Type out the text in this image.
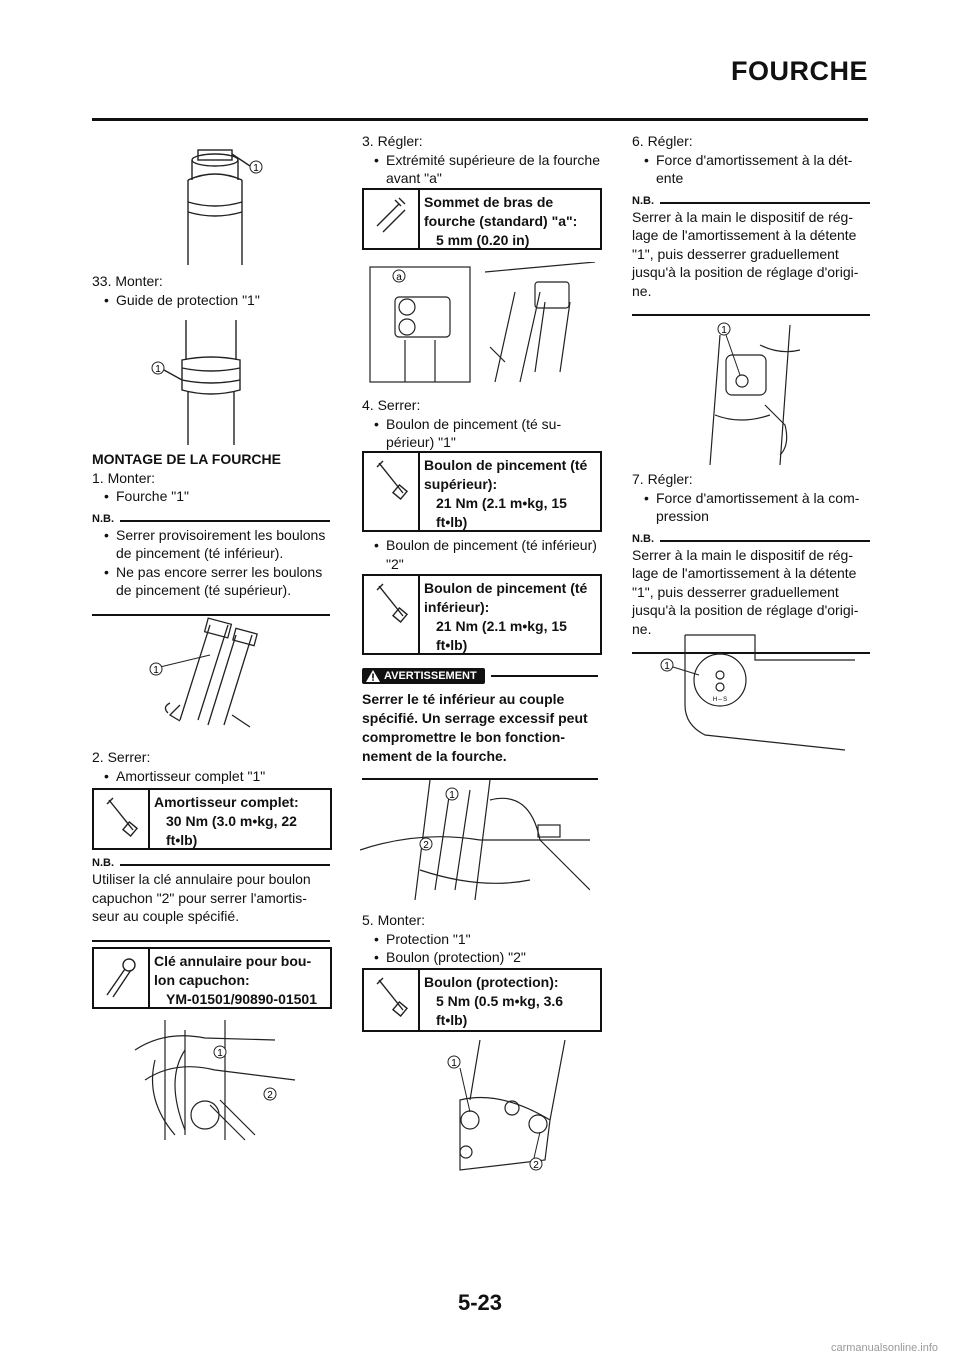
FOURCHE
1

33. Monter:

• Guide de protection "1"

1

MONTAGE DE LA FOURCHE

1. Monter:

• Fourche "1"

N.B.

• Serrer provisoirement les boulons de pincement (té inférieur).

• Ne pas encore serrer les boulons de pincement (té supérieur).

1

2. Serrer:

• Amortisseur complet "1"

Amortisseur complet:
30 Nm (3.0 m•kg, 22 ft•lb)
N.B.

Utiliser la clé annulaire pour boulon capuchon "2" pour serrer l'amortis-seur au couple spécifié.

Clé annulaire pour bou-lon capuchon:
YM-01501/90890-01501
1
2

3. Régler:

• Extrémité supérieure de la fourche avant "a"

Sommet de bras de fourche (standard) "a":
5 mm (0.20 in)
a

4. Serrer:

• Boulon de pincement (té su-périeur) "1"

Boulon de pincement (té supérieur):
21 Nm (2.1 m•kg, 15 ft•lb)

• Boulon de pincement (té inférieur) "2"

Boulon de pincement (té inférieur):
21 Nm (2.1 m•kg, 15 ft•lb)
AVERTISSEMENT
Serrer le té inférieur au couple spécifié. Un serrage excessif peut compromettre le bon fonction-nement de la fourche.
1
2

5. Monter:

• Protection "1"

• Boulon (protection) "2"

Boulon (protection):
5 Nm (0.5 m•kg, 3.6 ft•lb)
1
2

6. Régler:

• Force d'amortissement à la dét-ente

N.B.

Serrer à la main le dispositif de rég-lage de l'amortissement à la détente "1", puis desserrer graduellement jusqu'à la position de réglage d'origi-ne.

1

7. Régler:

• Force d'amortissement à la com-pression

N.B.

Serrer à la main le dispositif de rég-lage de l'amortissement à la détente "1", puis desserrer graduellement jusqu'à la position de réglage d'origi-ne.

1
H⇔S
5-23
carmanualsonline.info
